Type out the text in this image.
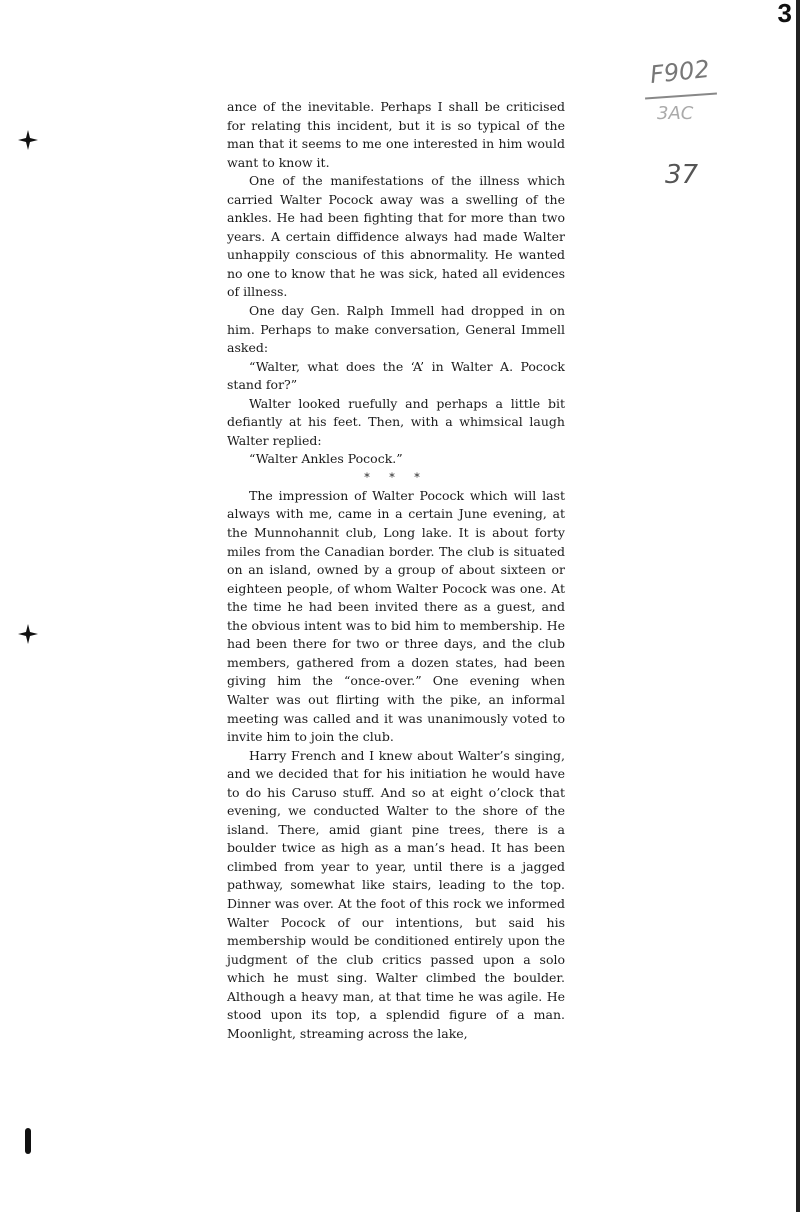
3
F902
3AC
37

ance of the inevitable. Perhaps I shall be criticised for relating this incident, but it is so typical of the man that it seems to me one interested in him would want to know it.

One of the manifestations of the illness which carried Walter Pocock away was a swelling of the ankles. He had been fighting that for more than two years. A certain diffidence always had made Walter unhappily conscious of this abnormality. He wanted no one to know that he was sick, hated all evidences of illness.

One day Gen. Ralph Immell had dropped in on him. Perhaps to make conversation, General Immell asked:

“Walter, what does the ‘A’ in Walter A. Pocock stand for?”

Walter looked ruefully and perhaps a little bit defiantly at his feet. Then, with a whimsical laugh Walter replied:

“Walter Ankles Pocock.”

* * *

The impression of Walter Pocock which will last always with me, came in a certain June evening, at the Munnohannit club, Long lake. It is about forty miles from the Canadian border. The club is situated on an island, owned by a group of about sixteen or eighteen people, of whom Walter Pocock was one. At the time he had been invited there as a guest, and the obvious intent was to bid him to membership. He had been there for two or three days, and the club members, gathered from a dozen states, had been giving him the “once-over.” One evening when Walter was out flirting with the pike, an informal meeting was called and it was unanimously voted to invite him to join the club.

Harry French and I knew about Walter’s singing, and we decided that for his initiation he would have to do his Caruso stuff. And so at eight o’clock that evening, we conducted Walter to the shore of the island. There, amid giant pine trees, there is a boulder twice as high as a man’s head. It has been climbed from year to year, until there is a jagged pathway, somewhat like stairs, leading to the top. Dinner was over. At the foot of this rock we informed Walter Pocock of our intentions, but said his membership would be conditioned entirely upon the judgment of the club critics passed upon a solo which he must sing. Walter climbed the boulder. Although a heavy man, at that time he was agile. He stood upon its top, a splendid figure of a man. Moonlight, streaming across the lake,
